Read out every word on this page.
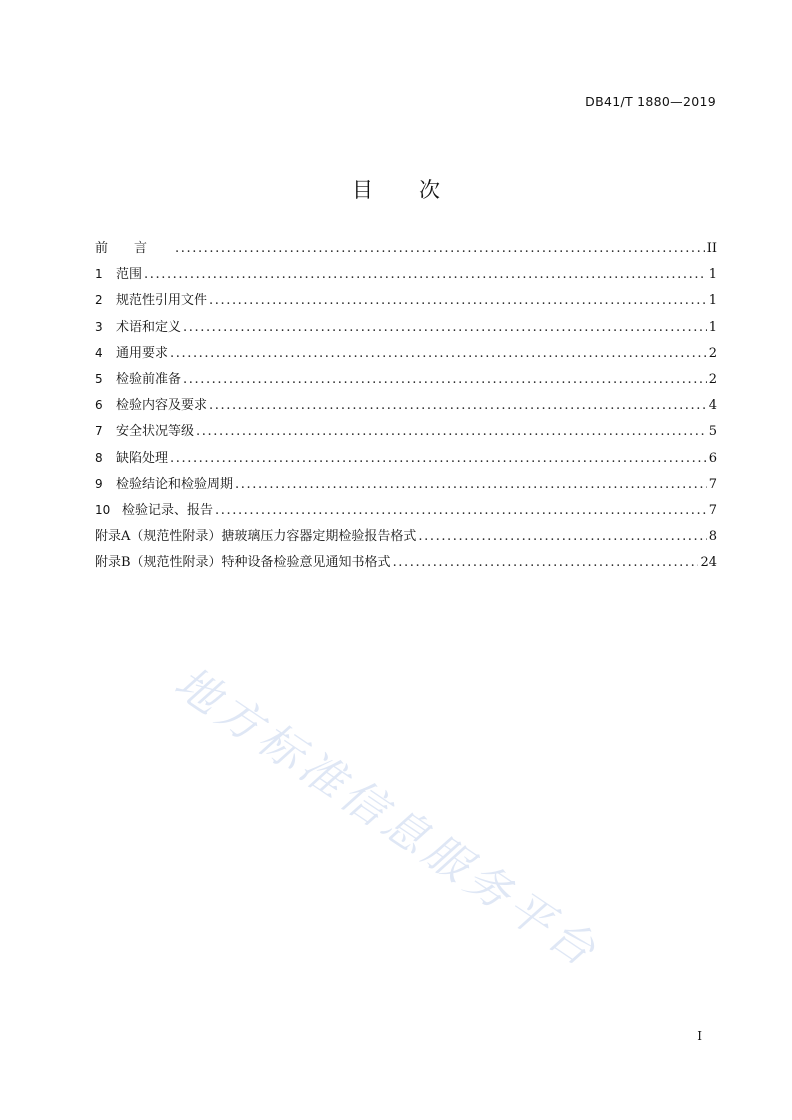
DB41/T 1880—2019
目次
前言 .....	II
1	范围 .....	1
2	规范性引用文件 .....	1
3	术语和定义 .....	1
4	通用要求 .....	2
5	检验前准备 .....	2
6	检验内容及要求 .....	4
7	安全状况等级 .....	5
8	缺陷处理 .....	6
9	检验结论和检验周期 .....	7
10 检验记录、报告 .....	7
附录A（规范性附录）搪玻璃压力容器定期检验报告格式 .....	8
附录B（规范性附录）特种设备检验意见通知书格式 .....	24
地方标准信息服务平台
I
